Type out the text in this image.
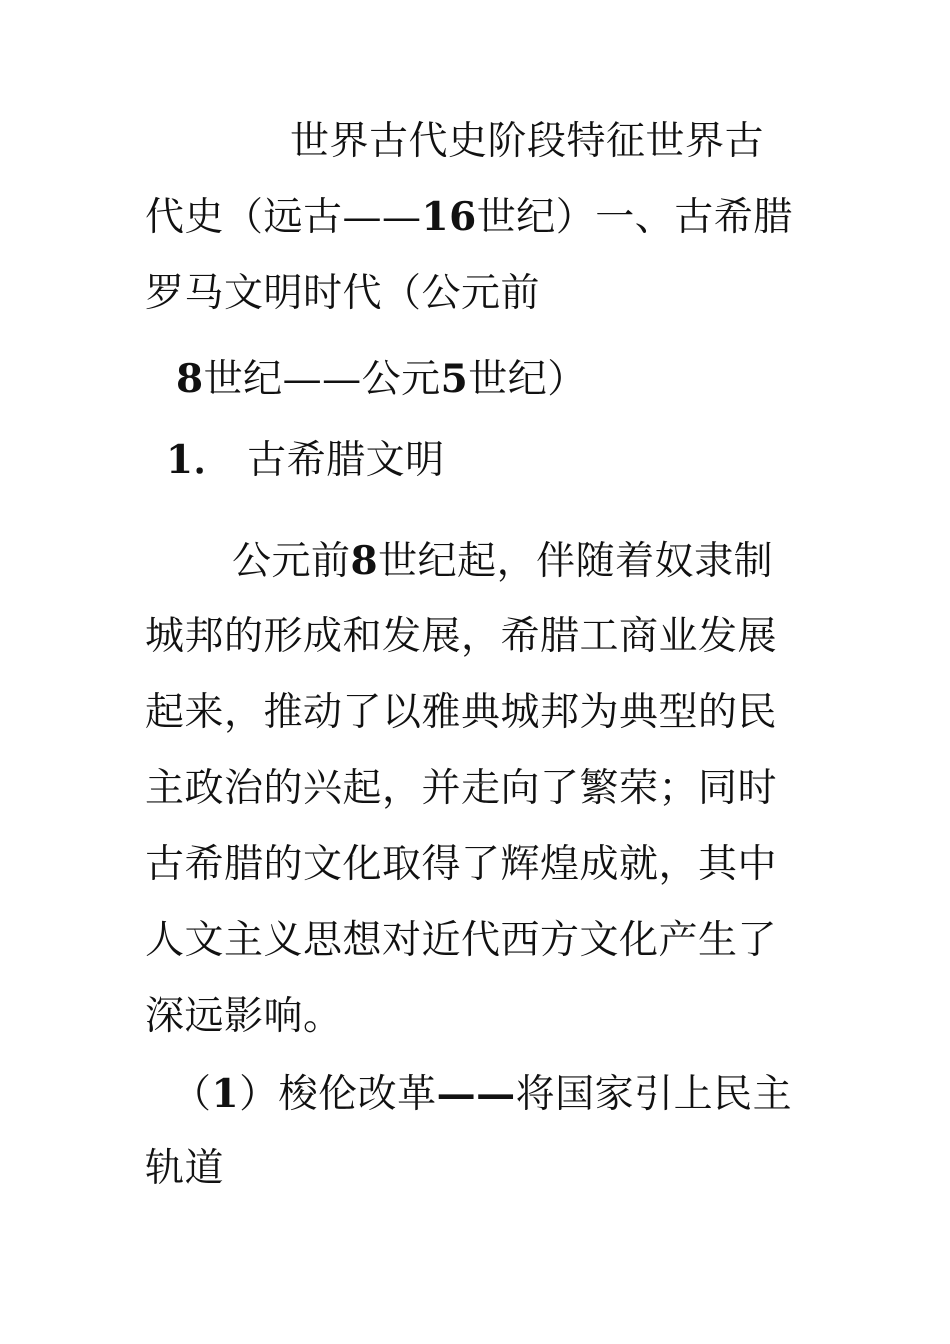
世界古代史阶段特征世界古
代史（远古——16世纪）一、古希腊
罗马文明时代（公元前
8世纪——公元5世纪）
1． 古希腊文明
公元前8世纪起，伴随着奴隶制
城邦的形成和发展，希腊工商业发展
起来，推动了以雅典城邦为典型的民
主政治的兴起，并走向了繁荣；同时
古希腊的文化取得了辉煌成就，其中
人文主义思想对近代西方文化产生了
深远影响。
（1）梭伦改革——将国家引上民主
轨道
